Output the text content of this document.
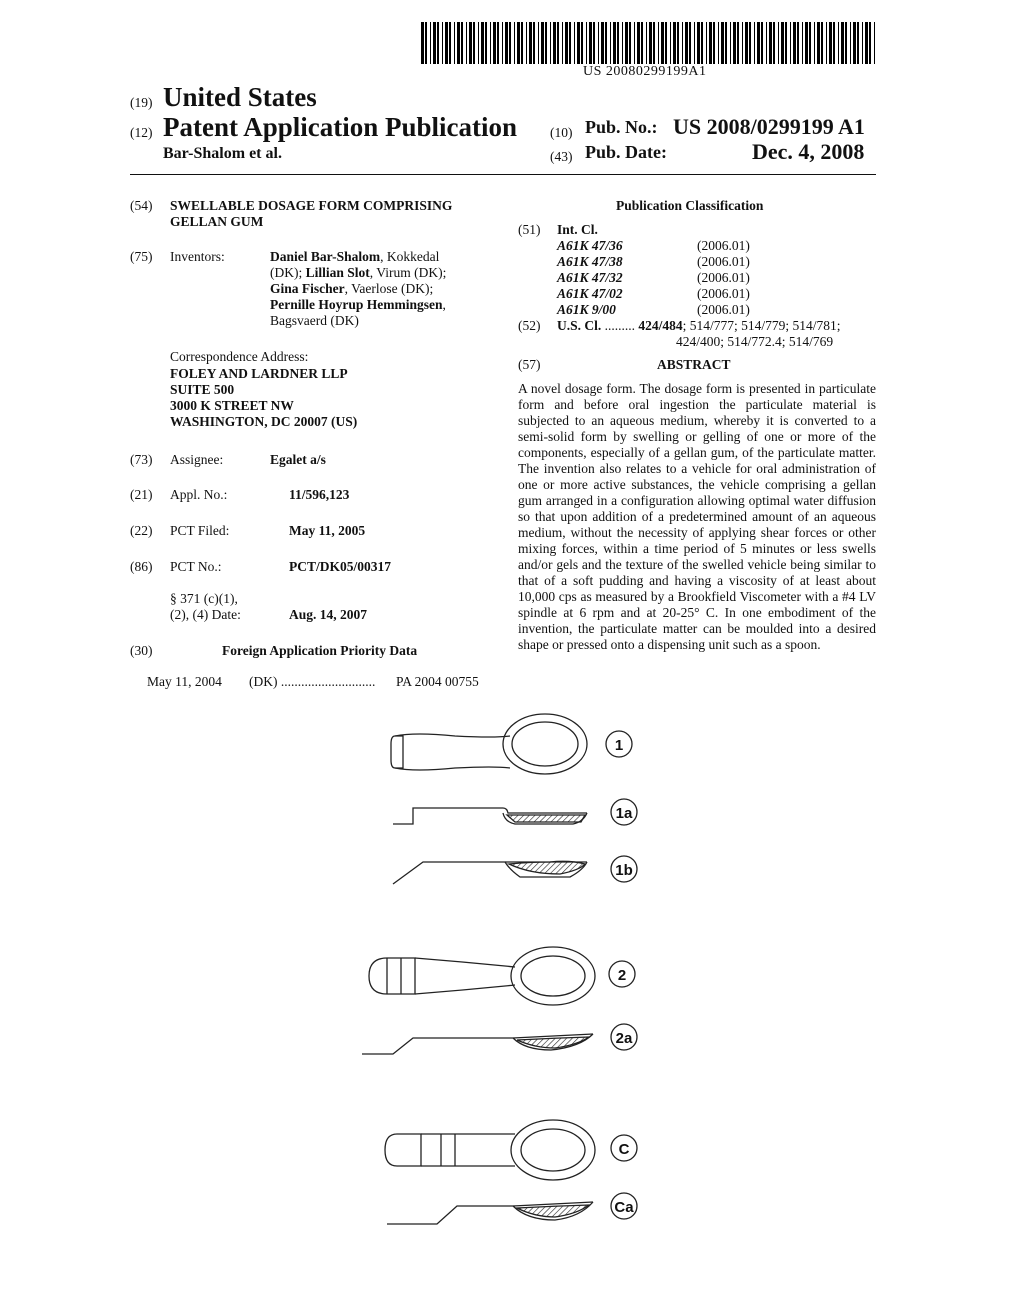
US 20080299199A1
(19) United States
(12) Patent Application Publication
Bar-Shalom et al.
(10) Pub. No.: US 2008/0299199 A1
(43) Pub. Date:	Dec. 4, 2008
(54) SWELLABLE DOSAGE FORM COMPRISING
GELLAN GUM
(75) Inventors:	Daniel Bar-Shalom, Kokkedal
(DK); Lillian Slot, Virum (DK);
Gina Fischer, Vaerlose (DK);
Pernille Hoyrup Hemmingsen,
Bagsvaerd (DK)
Correspondence Address:
FOLEY AND LARDNER LLP
SUITE 500
3000 K STREET NW
WASHINGTON, DC 20007 (US)
(73) Assignee:	Egalet a/s
(21) Appl. No.:	11/596,123
(22) PCT Filed:	May 11, 2005
(86) PCT No.:	PCT/DK05/00317
§ 371 (c)(1),
(2), (4) Date:	Aug. 14, 2007
(30)	Foreign Application Priority Data
May 11, 2004 (DK) ............................ PA 2004 00755
Publication Classification
(51) Int. Cl.
A61K 47/36	(2006.01)
A61K 47/38	(2006.01)
A61K 47/32	(2006.01)
A61K 47/02	(2006.01)
A61K 9/00	(2006.01)
(52) U.S. Cl. ......... 424/484; 514/777; 514/779; 514/781;
424/400; 514/772.4; 514/769
(57)	ABSTRACT
A novel dosage form. The dosage form is presented in particulate form and before oral ingestion the particulate material is subjected to an aqueous medium, whereby it is converted to a semi-solid form by swelling or gelling of one or more of the components, especially of a gellan gum, of the particulate matter. The invention also relates to a vehicle for oral administration of one or more active substances, the vehicle comprising a gellan gum arranged in a configuration allowing optimal water diffusion so that upon addition of a predetermined amount of an aqueous medium, without the necessity of applying shear forces or other mixing forces, within a time period of 5 minutes or less swells and/or gels and the texture of the swelled vehicle being similar to that of a soft pudding and having a viscosity of at least about 10,000 cps as measured by a Brookfield Viscometer with a #4 LV spindle at 6 rpm and at 20-25° C. In one embodiment of the invention, the particulate matter can be moulded into a desired shape or pressed onto a dispensing unit such as a spoon.
1
1a
1b
2
2a
C
Ca
